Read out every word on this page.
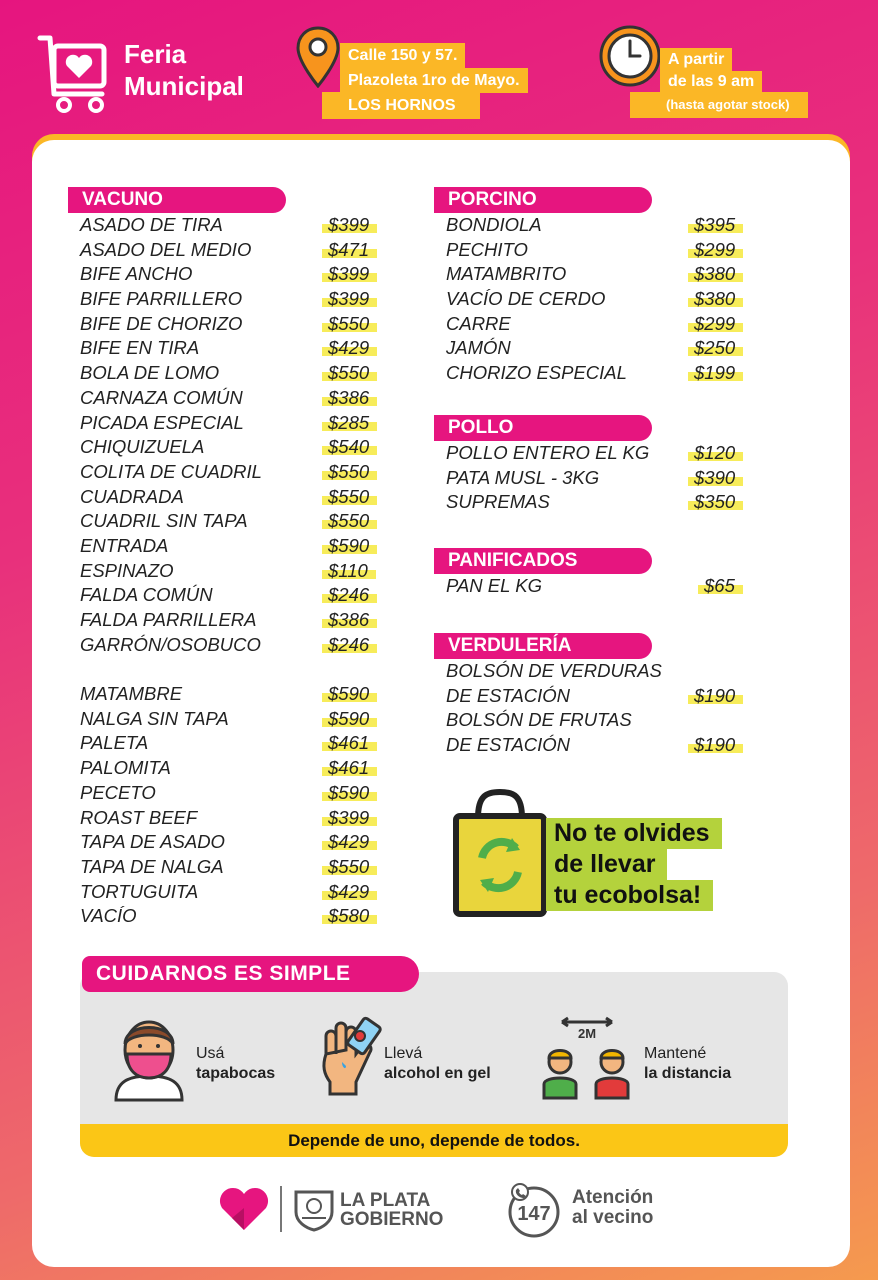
Feria
Municipal
Calle 150 y 57.
Plazoleta 1ro de Mayo.
LOS HORNOS
A partir
de las 9 am
(hasta agotar stock)
VACUNO
ASADO DE TIRA	$399
ASADO DEL MEDIO	$471
BIFE ANCHO	$399
BIFE PARRILLERO	$399
BIFE DE CHORIZO	$550
BIFE EN TIRA	$429
BOLA DE LOMO	$550
CARNAZA COMÚN	$386
PICADA ESPECIAL	$285
CHIQUIZUELA	$540
COLITA DE CUADRIL	$550
CUADRADA	$550
CUADRIL SIN TAPA	$550
ENTRADA	$590
ESPINAZO	$110
FALDA COMÚN	$246
FALDA PARRILLERA	$386
GARRÓN/OSOBUCO	$246
MATAMBRE	$590
NALGA SIN TAPA	$590
PALETA	$461
PALOMITA	$461
PECETO	$590
ROAST BEEF	$399
TAPA DE ASADO	$429
TAPA DE NALGA	$550
TORTUGUITA	$429
VACÍO	$580
PORCINO
BONDIOLA	$395
PECHITO	$299
MATAMBRITO	$380
VACÍO DE CERDO	$380
CARRE	$299
JAMÓN	$250
CHORIZO ESPECIAL	$199
POLLO
POLLO ENTERO EL KG $120
PATA MUSL - 3KG	$390
SUPREMAS	$350
PANIFICADOS
PAN EL KG	$65
VERDULERÍA
BOLSÓN DE VERDURAS
DE ESTACIÓN	$190
BOLSÓN DE FRUTAS
DE ESTACIÓN	$190
No te olvides
de llevar
tu ecobolsa!
CUIDARNOS ES SIMPLE
Usá
tapabocas
Llevá
alcohol en gel
2M
Mantené
la distancia
Depende de uno, depende de todos.
LA PLATA
GOBIERNO	147
Atención
al vecino
